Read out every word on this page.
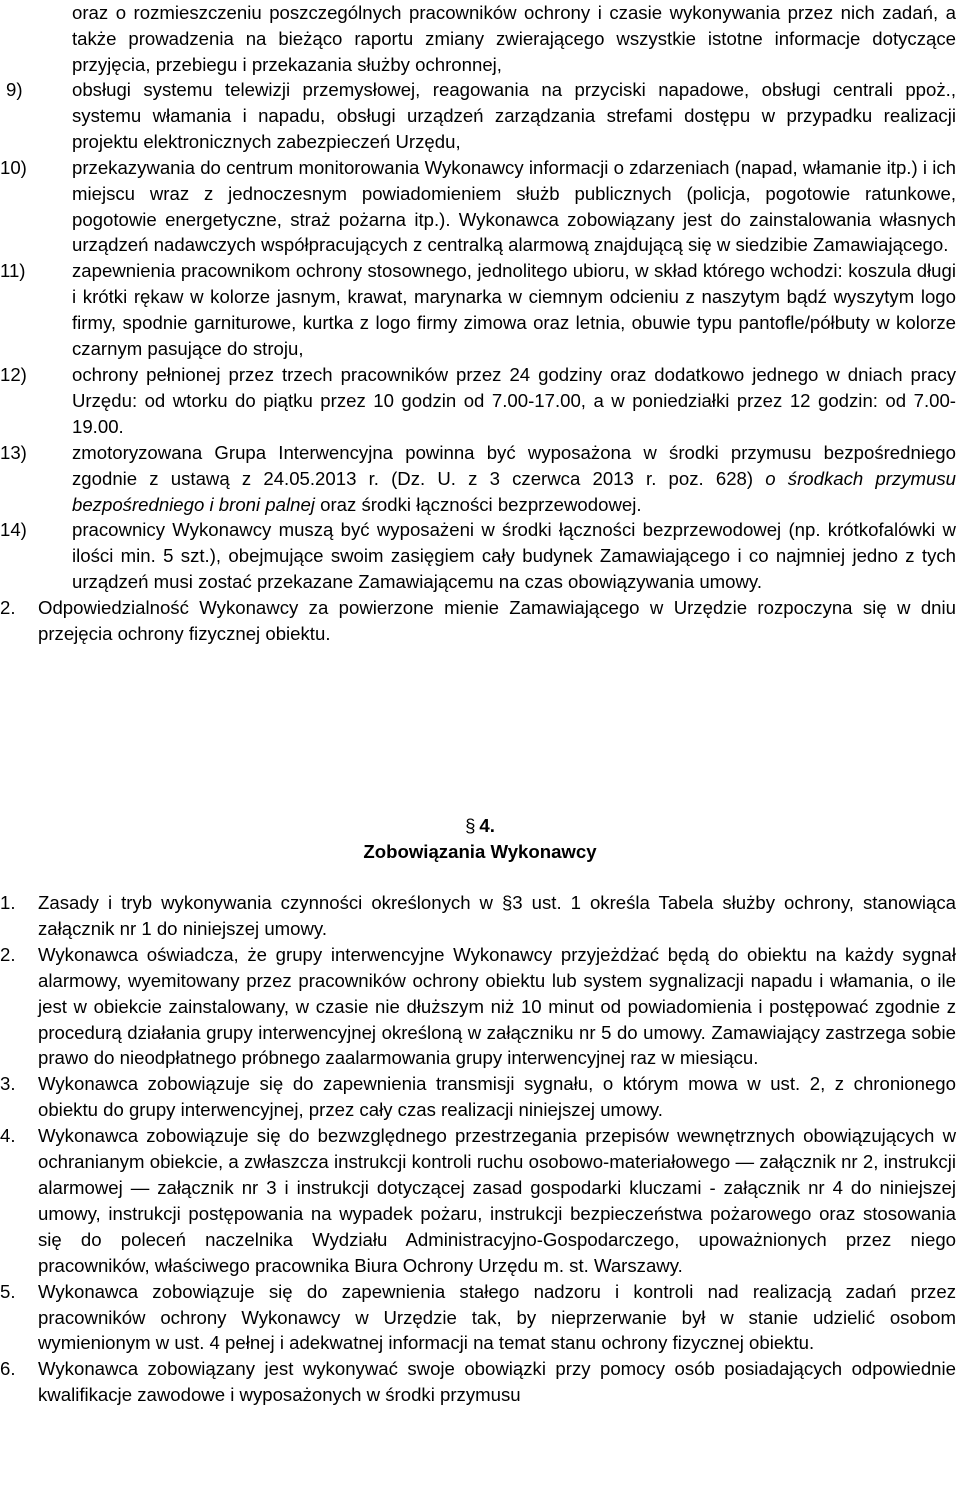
oraz o rozmieszczeniu poszczególnych pracowników ochrony i czasie wykonywania przez nich zadań, a także prowadzenia na bieżąco raportu zmiany zwierającego wszystkie istotne informacje dotyczące przyjęcia, przebiegu i przekazania służby ochronnej,
9)	obsługi systemu telewizji przemysłowej, reagowania na przyciski napadowe, obsługi centrali ppoż., systemu włamania i napadu, obsługi urządzeń zarządzania strefami dostępu w przypadku realizacji projektu elektronicznych zabezpieczeń Urzędu,
10) przekazywania do centrum monitorowania Wykonawcy informacji o zdarzeniach (napad, włamanie itp.) i ich miejscu wraz z jednoczesnym powiadomieniem służb publicznych (policja, pogotowie ratunkowe, pogotowie energetyczne, straż pożarna itp.). Wykonawca zobowiązany jest do zainstalowania własnych urządzeń nadawczych współpracujących z centralką alarmową znajdującą się w siedzibie Zamawiającego.
11)	zapewnienia pracownikom ochrony stosownego, jednolitego ubioru, w skład którego wchodzi: koszula długi i krótki rękaw w kolorze jasnym, krawat, marynarka w ciemnym odcieniu z naszytym bądź wyszytym logo firmy, spodnie garniturowe, kurtka z logo firmy zimowa oraz letnia, obuwie typu pantofle/półbuty w kolorze czarnym pasujące do stroju,
12) ochrony pełnionej przez trzech pracowników przez 24 godziny oraz dodatkowo jednego w dniach pracy Urzędu: od wtorku do piątku przez 10 godzin od 7.00-17.00, a w poniedziałki przez 12 godzin: od 7.00-19.00.
13) zmotoryzowana Grupa Interwencyjna powinna być wyposażona w środki przymusu bezpośredniego zgodnie z ustawą z 24.05.2013 r. (Dz. U. z 3 czerwca 2013 r. poz. 628) o środkach przymusu bezpośredniego i broni palnej oraz środki łączności bezprzewodowej.
14) pracownicy Wykonawcy muszą być wyposażeni w środki łączności bezprzewodowej (np. krótkofalówki w ilości min. 5 szt.), obejmujące swoim zasięgiem cały budynek Zamawiającego i co najmniej jedno z tych urządzeń musi zostać przekazane Zamawiającemu na czas obowiązywania umowy.
2. Odpowiedzialność Wykonawcy za powierzone mienie Zamawiającego w Urzędzie rozpoczyna się w dniu przejęcia ochrony fizycznej obiektu.
§ 4.
Zobowiązania Wykonawcy
1. Zasady i tryb wykonywania czynności określonych w §3 ust. 1 określa Tabela służby ochrony, stanowiąca załącznik nr 1 do niniejszej umowy.
2. Wykonawca oświadcza, że grupy interwencyjne Wykonawcy przyjeżdżać będą do obiektu na każdy sygnał alarmowy, wyemitowany przez pracowników ochrony obiektu lub system sygnalizacji napadu i włamania, o ile jest w obiekcie zainstalowany, w czasie nie dłuższym niż 10 minut od powiadomienia i postępować zgodnie z procedurą działania grupy interwencyjnej określoną w załączniku nr 5 do umowy. Zamawiający zastrzega sobie prawo do nieodpłatnego próbnego zaalarmowania grupy interwencyjnej raz w miesiącu.
3. Wykonawca zobowiązuje się do zapewnienia transmisji sygnału, o którym mowa w ust. 2, z chronionego obiektu do grupy interwencyjnej, przez cały czas realizacji niniejszej umowy.
4. Wykonawca zobowiązuje się do bezwzględnego przestrzegania przepisów wewnętrznych obowiązujących w ochranianym obiekcie, a zwłaszcza instrukcji kontroli ruchu osobowo-materiałowego — załącznik nr 2, instrukcji alarmowej — załącznik nr 3 i instrukcji dotyczącej zasad gospodarki kluczami - załącznik nr 4 do niniejszej umowy, instrukcji postępowania na wypadek pożaru, instrukcji bezpieczeństwa pożarowego oraz stosowania się do poleceń naczelnika Wydziału Administracyjno-Gospodarczego, upoważnionych przez niego pracowników, właściwego pracownika Biura Ochrony Urzędu m. st. Warszawy.
5. Wykonawca zobowiązuje się do zapewnienia stałego nadzoru i kontroli nad realizacją zadań przez pracowników ochrony Wykonawcy w Urzędzie tak, by nieprzerwanie był w stanie udzielić osobom wymienionym w ust. 4 pełnej i adekwatnej informacji na temat stanu ochrony fizycznej obiektu.
6. Wykonawca zobowiązany jest wykonywać swoje obowiązki przy pomocy osób posiadających odpowiednie kwalifikacje zawodowe i wyposażonych w środki przymusu
